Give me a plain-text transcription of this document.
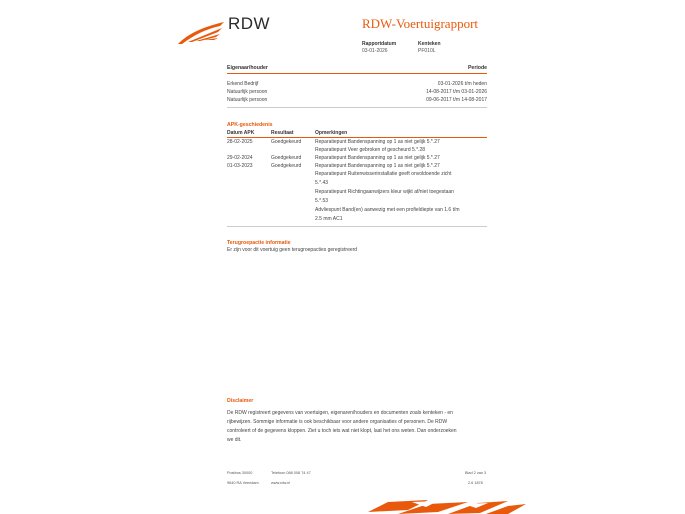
RDW	RDW-Voertuigrapport
Rapportdatum
03-01-2026
Kenteken
PF010L
Eigenaar/houder	Periode
Erkend Bedrijf	03-01-2026 t/m heden
Natuurlijk persoon	14-08-2017 t/m 03-01-2026
Natuurlijk persoon	09-06-2017 t/m 14-08-2017
APK-geschiedenis
Datum APK	Resultaat	Opmerkingen
28-02-2025	Goedgekeurd	Reparatiepunt Bandenspanning op 1 as niet gelijk 5.*.27
Reparatiepunt Veer gebroken of gescheurd 5.*.28
29-02-2024	Goedgekeurd	Reparatiepunt Bandenspanning op 1 as niet gelijk 5.*.27
01-03-2023	Goedgekeurd	Reparatiepunt Bandenspanning op 1 as niet gelijk 5.*.27
Reparatiepunt Ruitenwisserinstallatie geeft onvoldoende zicht
5.*.43
Reparatiepunt Richtingaanwijzers kleur wijkt af/niet toegestaan
5.*.53
Advliespunt Band(en) aanwezig met een profieldiepte van 1.6 t/m
2.5 mm AC1
Terugroepactie informatie
Er zijn voor dit voertuig geen terugroepacties geregistreerd
Disclaimer
De RDW registreert gegevens van voertuigen, eigenaren/houders en documenten zoals kenteken - en
rijbewijzen. Sommige informatie is ook beschikbaar voor andere organisaties of personen. De RDW
controleert of de gegevens kloppen. Ziet u toch iets wat niet klopt, laat het ons weten. Dan onderzoeken
we dit.
Postbus 30000
9640 RA Veendam
Telefoon 088 008 74 47
www.rdw.nl
Blad 2 van 3
2.6 1878
